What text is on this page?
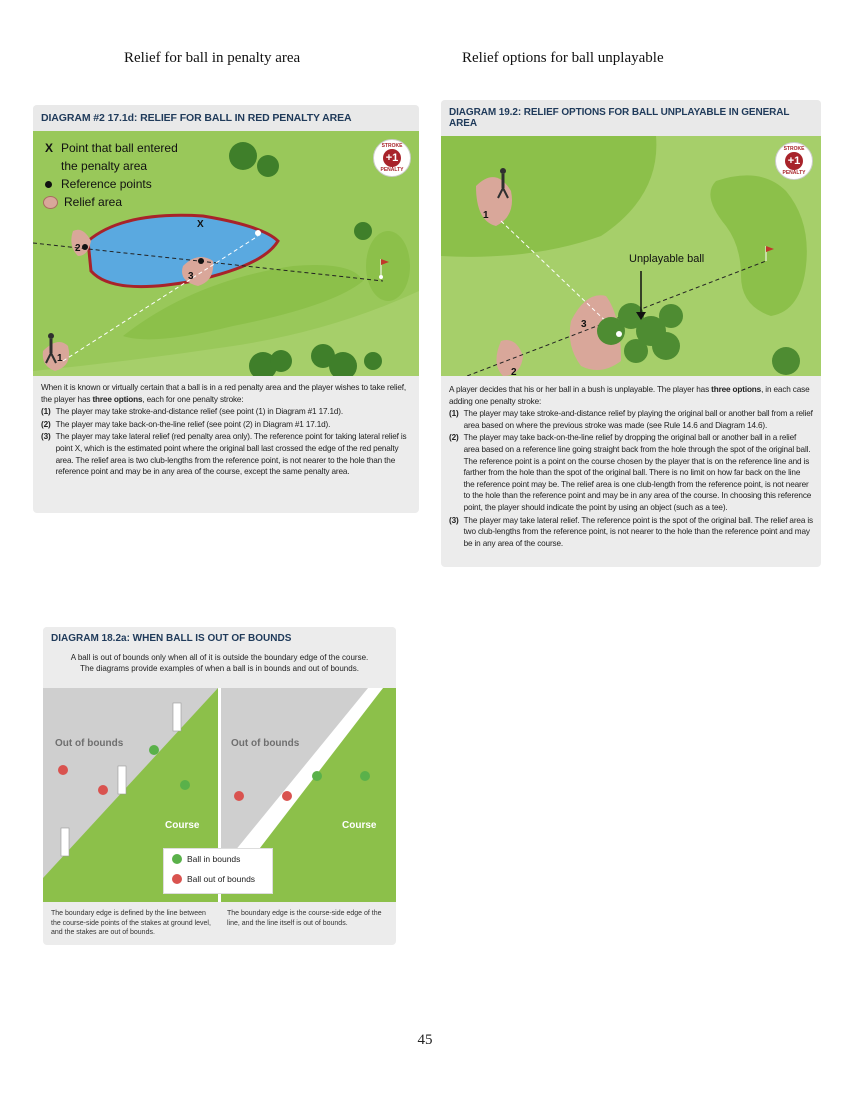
Relief for ball in penalty area	Relief options for ball unplayable
DIAGRAM #2 17.1d: RELIEF FOR BALL IN RED PENALTY AREA
X Point that ball entered
the penalty area
Reference points
Relief area
STROKE
+1
PENALTY
X
2
3
1

When it is known or virtually certain that a ball is in a red penalty area and the player wishes to take relief, the player has three options, each for one penalty stroke:

(1) The player may take stroke-and-distance relief (see point (1) in Diagram #1 17.1d).
(2) The player may take back-on-the-line relief (see point (2) in Diagram #1 17.1d).
(3) The player may take lateral relief (red penalty area only). The reference point for taking lateral relief is point X, which is the estimated point where the original ball last crossed the edge of the red penalty area. The relief area is two club-lengths from the reference point, is not nearer to the hole than the reference point and may be in any area of the course, except the same penalty area.
DIAGRAM 19.2: RELIEF OPTIONS FOR BALL UNPLAYABLE IN GENERAL AREA
STROKE
+1
PENALTY
Unplayable ball
1
3
2

A player decides that his or her ball in a bush is unplayable. The player has three options, in each case adding one penalty stroke:

(1) The player may take stroke-and-distance relief by playing the original ball or another ball from a relief area based on where the previous stroke was made (see Rule 14.6 and Diagram 14.6).
(2) The player may take back-on-the-line relief by dropping the original ball or another ball in a relief area based on a reference line going straight back from the hole through the spot of the original ball. The reference point is a point on the course chosen by the player that is on the reference line and is farther from the hole than the spot of the original ball. There is no limit on how far back on the line the reference point may be. The relief area is one club-length from the reference point, is not nearer to the hole than the reference point and may be in any area of the course. In choosing this reference point, the player should indicate the point by using an object (such as a tee).
(3) The player may take lateral relief. The reference point is the spot of the original ball. The relief area is two club-lengths from the reference point, is not nearer to the hole than the reference point and may be in any area of the course.
DIAGRAM 18.2a: WHEN BALL IS OUT OF BOUNDS
A ball is out of bounds only when all of it is outside the boundary edge of the course.
The diagrams provide examples of when a ball is in bounds and out of bounds.
Out of bounds
Course
Out of bounds
Course
Ball in bounds
Ball out of bounds
The boundary edge is defined by the line between the course-side points of the stakes at ground level, and the stakes are out of bounds.
The boundary edge is the course-side edge of the line, and the line itself is out of bounds.
45
